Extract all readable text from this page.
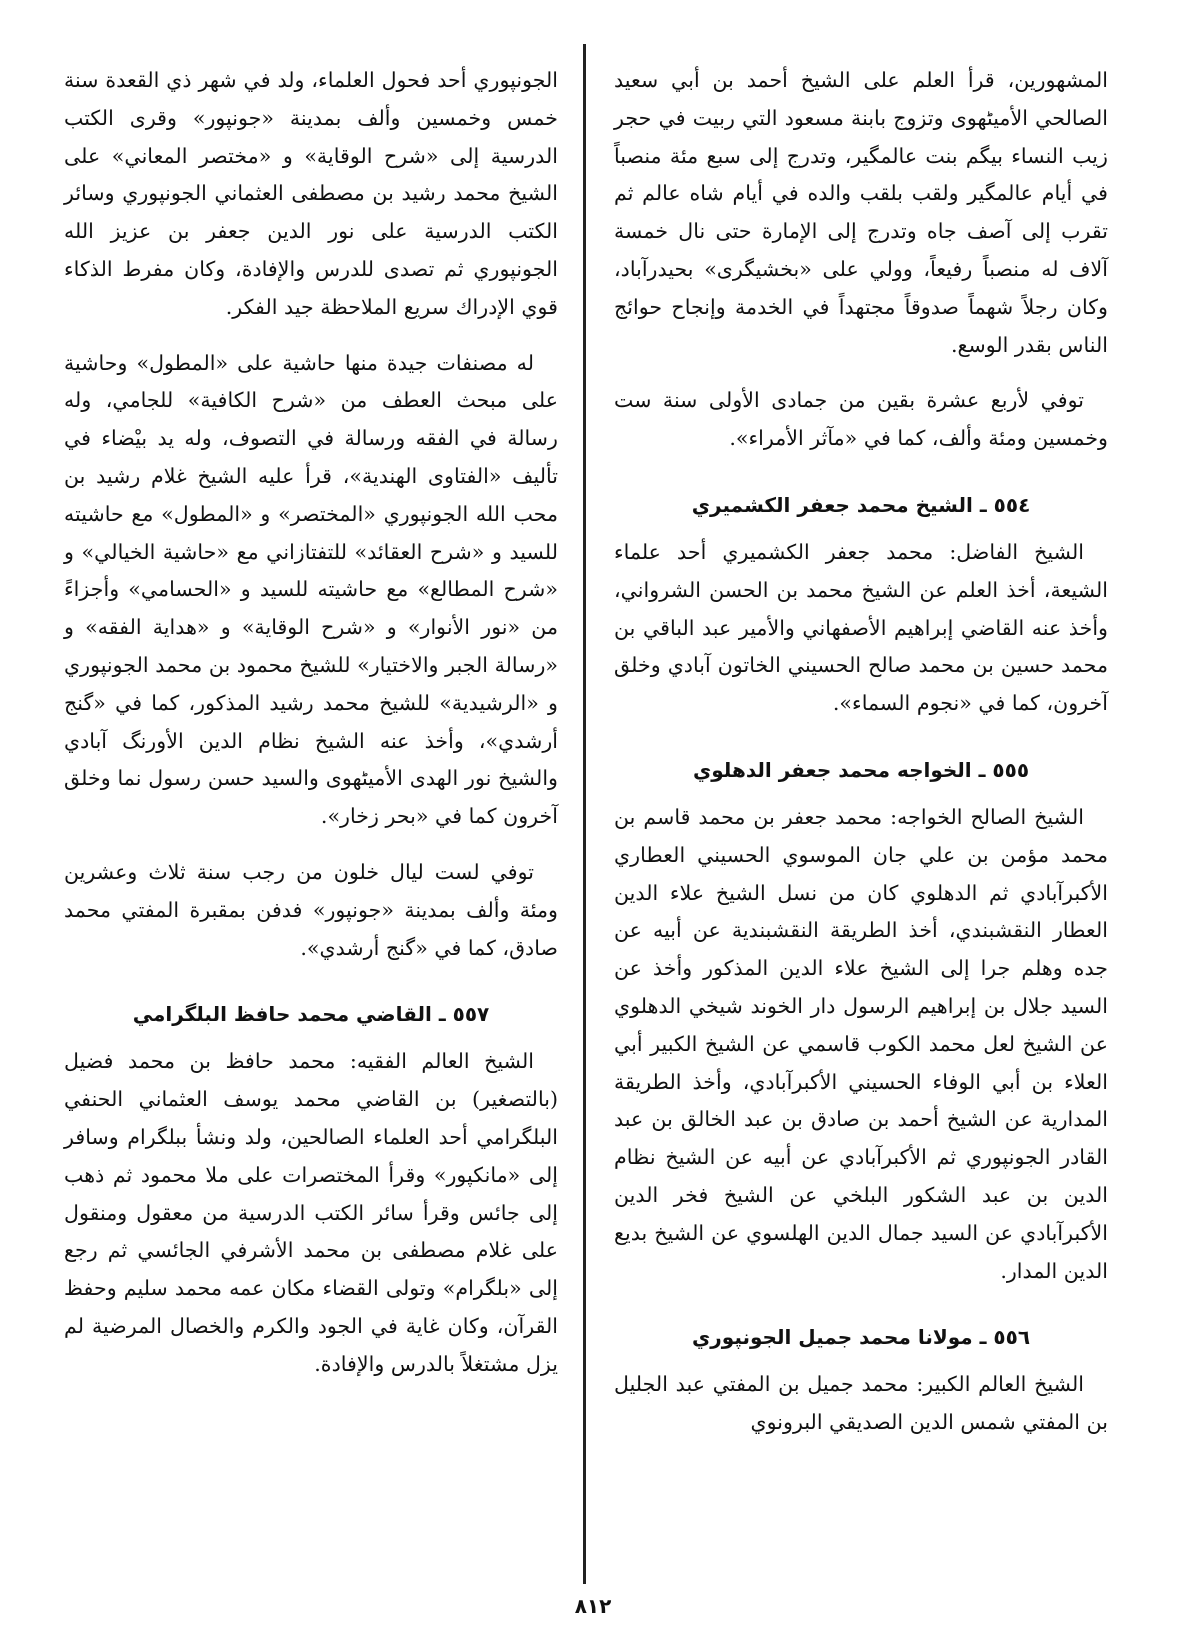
المشهورين، قرأ العلم على الشيخ أحمد بن أبي سعيد الصالحي الأميٹهوی وتزوج بابنة مسعود التي ربيت في حجر زيب النساء بيگم بنت عالمگير، وتدرج إلى سبع مئة منصباً في أيام عالمگير ولقب بلقب والده في أيام شاه عالم ثم تقرب إلى آصف جاه وتدرج إلى الإمارة حتى نال خمسة آلاف له منصباً رفيعاً، وولي على «بخشيگرى» بحيدرآباد، وكان رجلاً شهماً صدوقاً مجتهداً في الخدمة وإنجاح حوائج الناس بقدر الوسع.

توفي لأربع عشرة بقين من جمادى الأولى سنة ست وخمسين ومئة وألف، كما في «مآثر الأمراء».

٥٥٤ ـ الشيخ محمد جعفر الكشميري

الشيخ الفاضل: محمد جعفر الكشميري أحد علماء الشيعة، أخذ العلم عن الشيخ محمد بن الحسن الشرواني، وأخذ عنه القاضي إبراهيم الأصفهاني والأمير عبد الباقي بن محمد حسين بن محمد صالح الحسيني الخاتون آبادي وخلق آخرون، كما في «نجوم السماء».

٥٥٥ ـ الخواجه محمد جعفر الدهلوي

الشيخ الصالح الخواجه: محمد جعفر بن محمد قاسم بن محمد مؤمن بن علي جان الموسوي الحسيني العطاري الأكبرآبادي ثم الدهلوي كان من نسل الشيخ علاء الدين العطار النقشبندي، أخذ الطريقة النقشبندية عن أبيه عن جده وهلم جرا إلى الشيخ علاء الدين المذكور وأخذ عن السيد جلال بن إبراهيم الرسول دار الخوند شيخي الدهلوي عن الشيخ لعل محمد الكوب قاسمي عن الشيخ الكبير أبي العلاء بن أبي الوفاء الحسيني الأكبرآبادي، وأخذ الطريقة المدارية عن الشيخ أحمد بن صادق بن عبد الخالق بن عبد القادر الجونپوري ثم الأكبرآبادي عن أبيه عن الشيخ نظام الدين بن عبد الشكور البلخي عن الشيخ فخر الدين الأكبرآبادي عن السيد جمال الدين الهلسوي عن الشيخ بديع الدين المدار.

٥٥٦ ـ مولانا محمد جميل الجونپوري

الشيخ العالم الكبير: محمد جميل بن المفتي عبد الجليل بن المفتي شمس الدين الصديقي البرونوي

الجونپوري أحد فحول العلماء، ولد في شهر ذي القعدة سنة خمس وخمسين وألف بمدينة «جونپور» وقرى الكتب الدرسية إلى «شرح الوقاية» و «مختصر المعاني» على الشيخ محمد رشيد بن مصطفى العثماني الجونپوري وسائر الكتب الدرسية على نور الدين جعفر بن عزيز الله الجونپوري ثم تصدى للدرس والإفادة، وكان مفرط الذكاء قوي الإدراك سريع الملاحظة جيد الفكر.

له مصنفات جيدة منها حاشية على «المطول» وحاشية على مبحث العطف من «شرح الكافية» للجامي، وله رسالة في الفقه ورسالة في التصوف، وله يد بيْضاء في تأليف «الفتاوى الهندية»، قرأ عليه الشيخ غلام رشيد بن محب الله الجونپوري «المختصر» و «المطول» مع حاشيته للسيد و «شرح العقائد» للتفتازاني مع «حاشية الخيالي» و «شرح المطالع» مع حاشيته للسيد و «الحسامي» وأجزاءً من «نور الأنوار» و «شرح الوقاية» و «هداية الفقه» و «رسالة الجبر والاختيار» للشيخ محمود بن محمد الجونپوري و «الرشيدية» للشيخ محمد رشيد المذكور، كما في «گنج أرشدي»، وأخذ عنه الشيخ نظام الدين الأورنگ آبادي والشيخ نور الهدى الأميٹهوی والسيد حسن رسول نما وخلق آخرون كما في «بحر زخار».

توفي لست ليال خلون من رجب سنة ثلاث وعشرين ومئة وألف بمدينة «جونپور» فدفن بمقبرة المفتي محمد صادق، كما في «گنج أرشدي».

٥٥٧ ـ القاضي محمد حافظ البلگرامي

الشيخ العالم الفقيه: محمد حافظ بن محمد فضيل (بالتصغير) بن القاضي محمد يوسف العثماني الحنفي البلگرامي أحد العلماء الصالحين، ولد ونشأ ببلگرام وسافر إلى «مانكپور» وقرأ المختصرات على ملا محمود ثم ذهب إلى جائس وقرأ سائر الكتب الدرسية من معقول ومنقول على غلام مصطفى بن محمد الأشرفي الجائسي ثم رجع إلى «بلگرام» وتولى القضاء مكان عمه محمد سليم وحفظ القرآن، وكان غاية في الجود والكرم والخصال المرضية لم يزل مشتغلاً بالدرس والإفادة.

٨١٢
